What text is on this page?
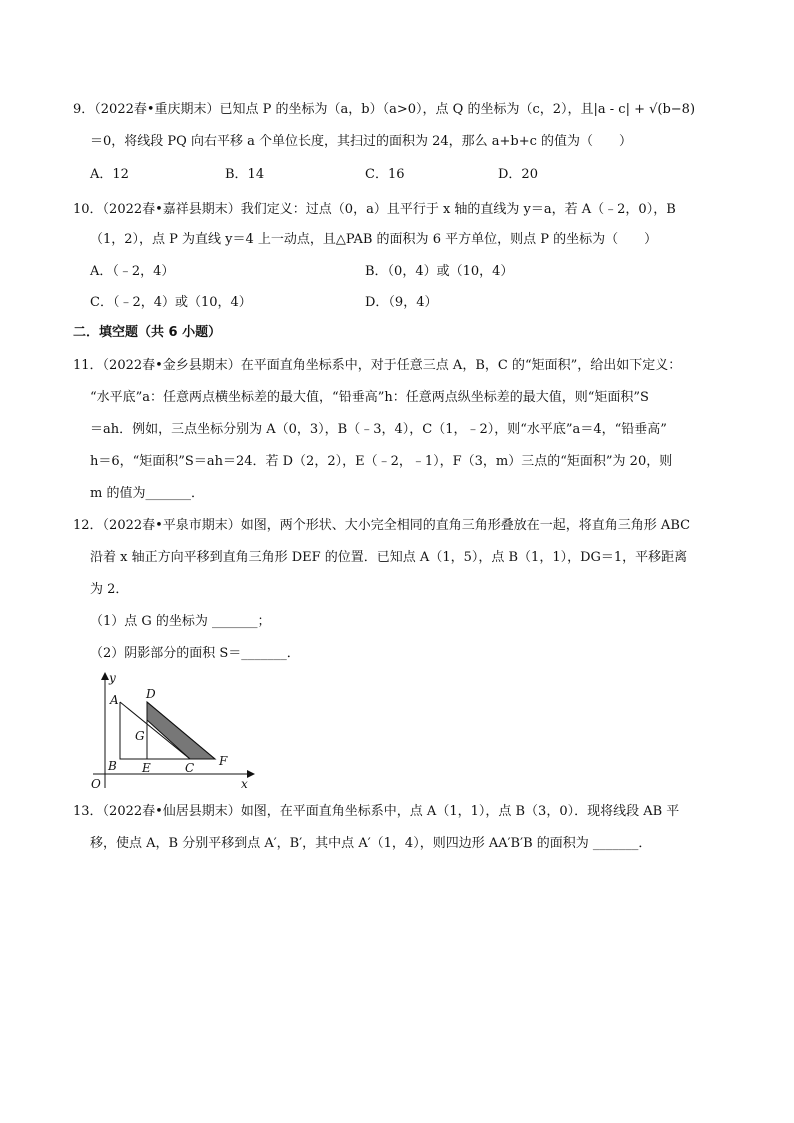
9．（2022春•重庆期末）已知点 P 的坐标为（a，b）（a>0），点 Q 的坐标为（c，2），且|a - c| + √(b−8)
＝0，将线段 PQ 向右平移 a 个单位长度，其扫过的面积为 24，那么 a+b+c 的值为（　　）
A．12	B．14	C．16	D．20
10．（2022春•嘉祥县期末）我们定义：过点（0，a）且平行于 x 轴的直线为 y＝a，若 A（﹣2，0），B
（1，2），点 P 为直线 y＝4 上一动点，且△PAB 的面积为 6 平方单位，则点 P 的坐标为（　　）
A．（﹣2，4）	B．（0，4）或（10，4）
C．（﹣2，4）或（10，4）	D．（9，4）
二．填空题（共 6 小题）
11．（2022春•金乡县期末）在平面直角坐标系中，对于任意三点 A，B，C 的“矩面积”，给出如下定义：
“水平底”a：任意两点横坐标差的最大值，“铅垂高”h：任意两点纵坐标差的最大值，则“矩面积”S
＝ah．例如，三点坐标分别为 A（0，3），B（﹣3，4），C（1，﹣2），则“水平底”a＝4，“铅垂高”
h＝6，“矩面积”S＝ah＝24．若 D（2，2），E（﹣2，﹣1），F（3，m）三点的“矩面积”为 20，则
m 的值为_______．
12．（2022春•平泉市期末）如图，两个形状、大小完全相同的直角三角形叠放在一起，将直角三角形 ABC
沿着 x 轴正方向平移到直角三角形 DEF 的位置．已知点 A（1，5），点 B（1，1），DG＝1，平移距离
为 2．
（1）点 G 的坐标为 _______；
（2）阴影部分的面积 S＝_______．
y
x
O
A
B
D
G
E	C F
13．（2022春•仙居县期末）如图，在平面直角坐标系中，点 A（1，1），点 B（3，0）．现将线段 AB 平
移，使点 A，B 分别平移到点 A′，B′，其中点 A′（1，4），则四边形 AA′B′B 的面积为 _______．
